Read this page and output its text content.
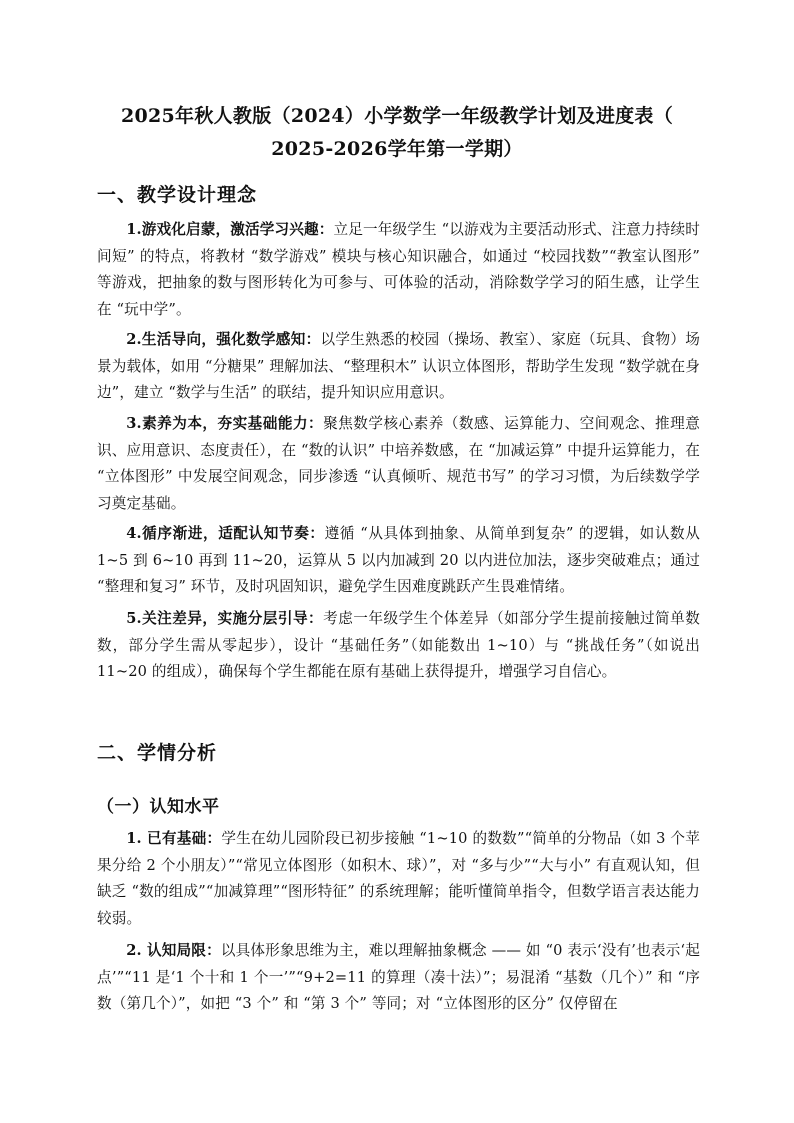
2025年秋人教版（2024）小学数学一年级教学计划及进度表（
2025-2026学年第一学期）
一、教学设计理念
1.游戏化启蒙，激活学习兴趣：立足一年级学生 “以游戏为主要活动形式、注意力持续时间短” 的特点，将教材 “数学游戏” 模块与核心知识融合，如通过 “校园找数”“教室认图形” 等游戏，把抽象的数与图形转化为可参与、可体验的活动，消除数学学习的陌生感，让学生在 “玩中学”。
2.生活导向，强化数学感知：以学生熟悉的校园（操场、教室）、家庭（玩具、食物）场景为载体，如用 “分糖果” 理解加法、“整理积木” 认识立体图形，帮助学生发现 “数学就在身边”，建立 “数学与生活” 的联结，提升知识应用意识。
3.素养为本，夯实基础能力：聚焦数学核心素养（数感、运算能力、空间观念、推理意识、应用意识、态度责任），在 “数的认识” 中培养数感，在 “加减运算” 中提升运算能力，在 “立体图形” 中发展空间观念，同步渗透 “认真倾听、规范书写” 的学习习惯，为后续数学学习奠定基础。
4.循序渐进，适配认知节奏：遵循 “从具体到抽象、从简单到复杂” 的逻辑，如认数从 1~5 到 6~10 再到 11~20，运算从 5 以内加减到 20 以内进位加法，逐步突破难点；通过 “整理和复习” 环节，及时巩固知识，避免学生因难度跳跃产生畏难情绪。
5.关注差异，实施分层引导：考虑一年级学生个体差异（如部分学生提前接触过简单数数，部分学生需从零起步），设计 “基础任务”（如能数出 1~10）与 “挑战任务”（如说出 11~20 的组成），确保每个学生都能在原有基础上获得提升，增强学习自信心。
二、学情分析
（一）认知水平
1. 已有基础：学生在幼儿园阶段已初步接触 “1~10 的数数”“简单的分物品（如 3 个苹果分给 2 个小朋友）”“常见立体图形（如积木、球）”，对 “多与少”“大与小” 有直观认知，但缺乏 “数的组成”“加减算理”“图形特征” 的系统理解；能听懂简单指令，但数学语言表达能力较弱。
2. 认知局限：以具体形象思维为主，难以理解抽象概念 —— 如 “0 表示‘没有’也表示‘起点’”“11 是‘1 个十和 1 个一’”“9+2=11 的算理（凑十法）”；易混淆 “基数（几个）” 和 “序数（第几个）”，如把 “3 个” 和 “第 3 个” 等同；对 “立体图形的区分” 仅停留在
